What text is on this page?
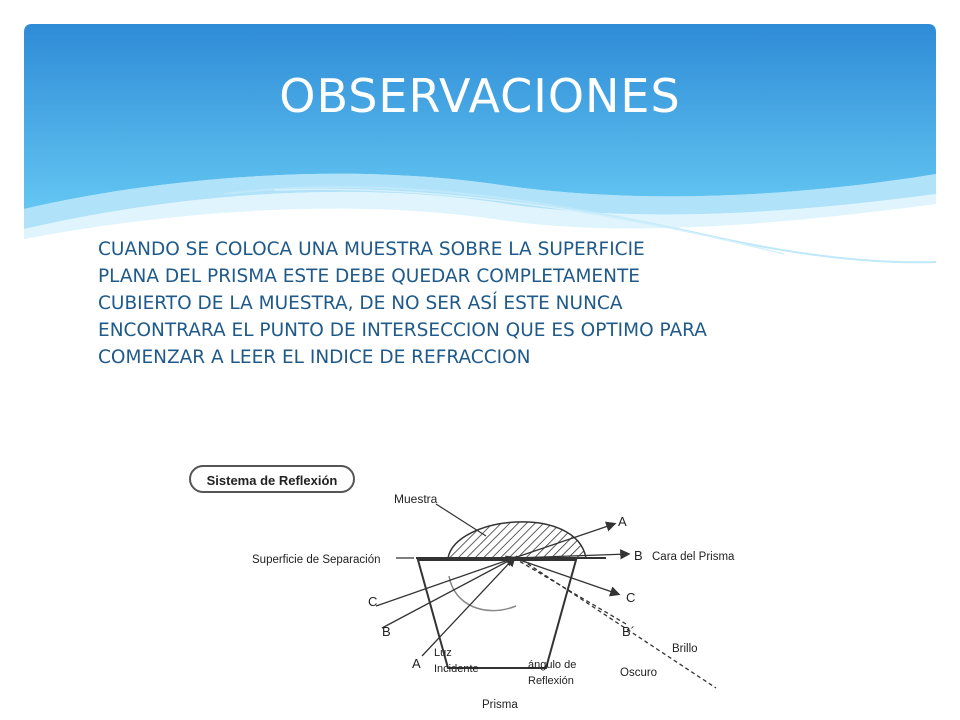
OBSERVACIONES
CUANDO SE COLOCA UNA MUESTRA SOBRE LA SUPERFICIE
PLANA DEL PRISMA ESTE DEBE QUEDAR COMPLETAMENTE
CUBIERTO DE LA MUESTRA, DE NO SER ASÍ ESTE NUNCA
ENCONTRARA EL PUNTO DE INTERSECCION QUE ES OPTIMO PARA
COMENZAR A LEER EL INDICE DE REFRACCION
Sistema de Reflexión
Muestra
Superficie de Separación
A
B Cara del Prisma
C
B´
Brillo
Oscuro
C
B
A
Luz
Incidente	ángulo de
Reflexión
Prisma
